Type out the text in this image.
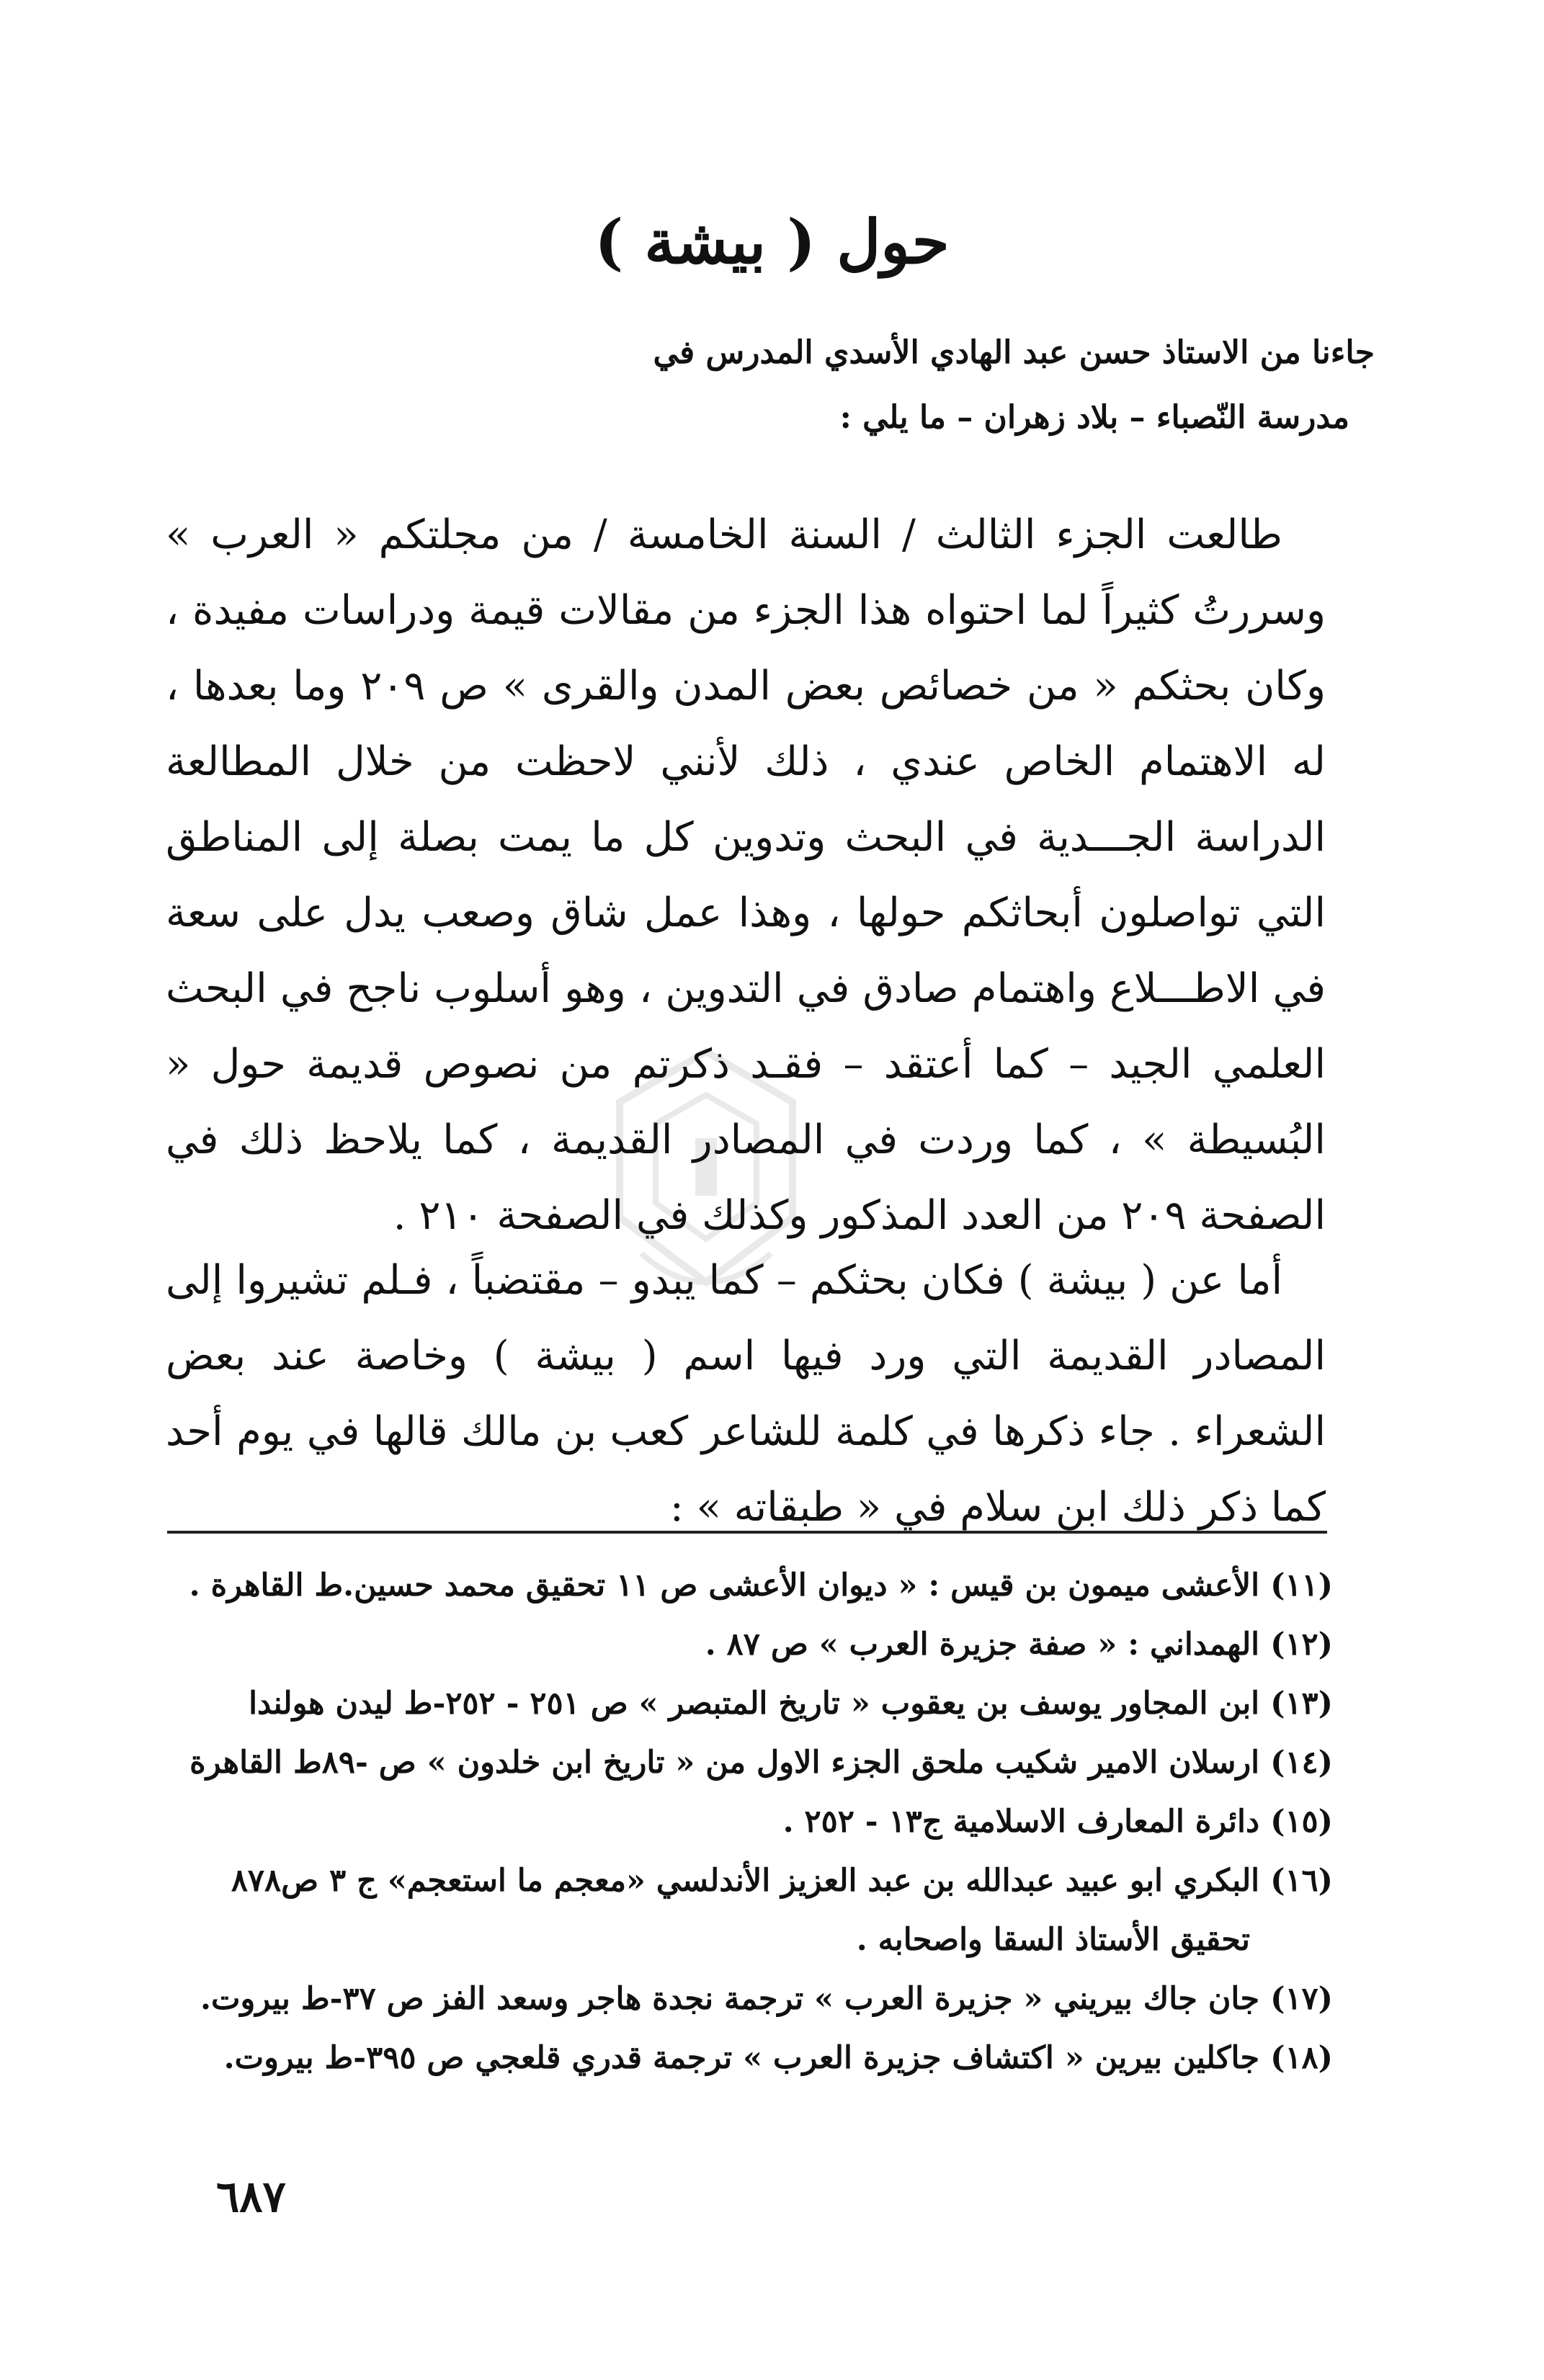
حول ( بيشة )

جاءنا من الاستاذ حسن عبد الهادي الأسدي المدرس في

مدرسة النّصباء – بلاد زهران – ما يلي :

طالعت الجزء الثالث / السنة الخامسة / من مجلتكم « العرب » وسررتُ كثيراً لما احتواه هذا الجزء من مقالات قيمة ودراسات مفيدة ، وكان بحثكم « من خصائص بعض المدن والقرى » ص ٢٠٩ وما بعدها ، له الاهتمام الخاص عندي ، ذلك لأنني لاحظت من خلال المطالعة الدراسة الجـــدية في البحث وتدوين كل ما يمت بصلة إلى المناطق التي تواصلون أبحاثكم حولها ، وهذا عمل شاق وصعب يدل على سعة في الاطـــلاع واهتمام صادق في التدوين ، وهو أسلوب ناجح في البحث العلمي الجيد – كما أعتقد – فقـد ذكرتم من نصوص قديمة حول « البُسيطة » ، كما وردت في المصادر القديمة ، كما يلاحظ ذلك في الصفحة ٢٠٩ من العدد المذكور وكذلك في الصفحة ٢١٠ .

أما عن ( بيشة ) فكان بحثكم – كما يبدو – مقتضباً ، فـلم تشيروا إلى المصادر القديمة التي ورد فيها اسم ( بيشة ) وخاصة عند بعض الشعراء . جاء ذكرها في كلمة للشاعر كعب بن مالك قالها في يوم أحد كما ذكر ذلك ابن سلام في « طبقاته » :

(١١) الأعشى ميمون بن قيس : « ديوان الأعشى ص ١١ تحقيق محمد حسين.ط القاهرة .

(١٢) الهمداني : « صفة جزيرة العرب » ص ٨٧ .

(١٣) ابن المجاور يوسف بن يعقوب « تاريخ المتبصر » ص ٢٥١ - ٢٥٢-ط ليدن هولندا

(١٤) ارسلان الامير شكيب ملحق الجزء الاول من « تاريخ ابن خلدون » ص -٨٩ط القاهرة

(١٥) دائرة المعارف الاسلامية ج١٣ - ٢٥٢ .

(١٦) البكري ابو عبيد عبدالله بن عبد العزيز الأندلسي «معجم ما استعجم» ج ٣ ص٨٧٨

تحقيق الأستاذ السقا واصحابه .

(١٧) جان جاك بيريني « جزيرة العرب » ترجمة نجدة هاجر وسعد الفز ص ٣٧-ط بيروت.

(١٨) جاكلين بيرين « اكتشاف جزيرة العرب » ترجمة قدري قلعجي ص ٣٩٥-ط بيروت.

٦٨٧
